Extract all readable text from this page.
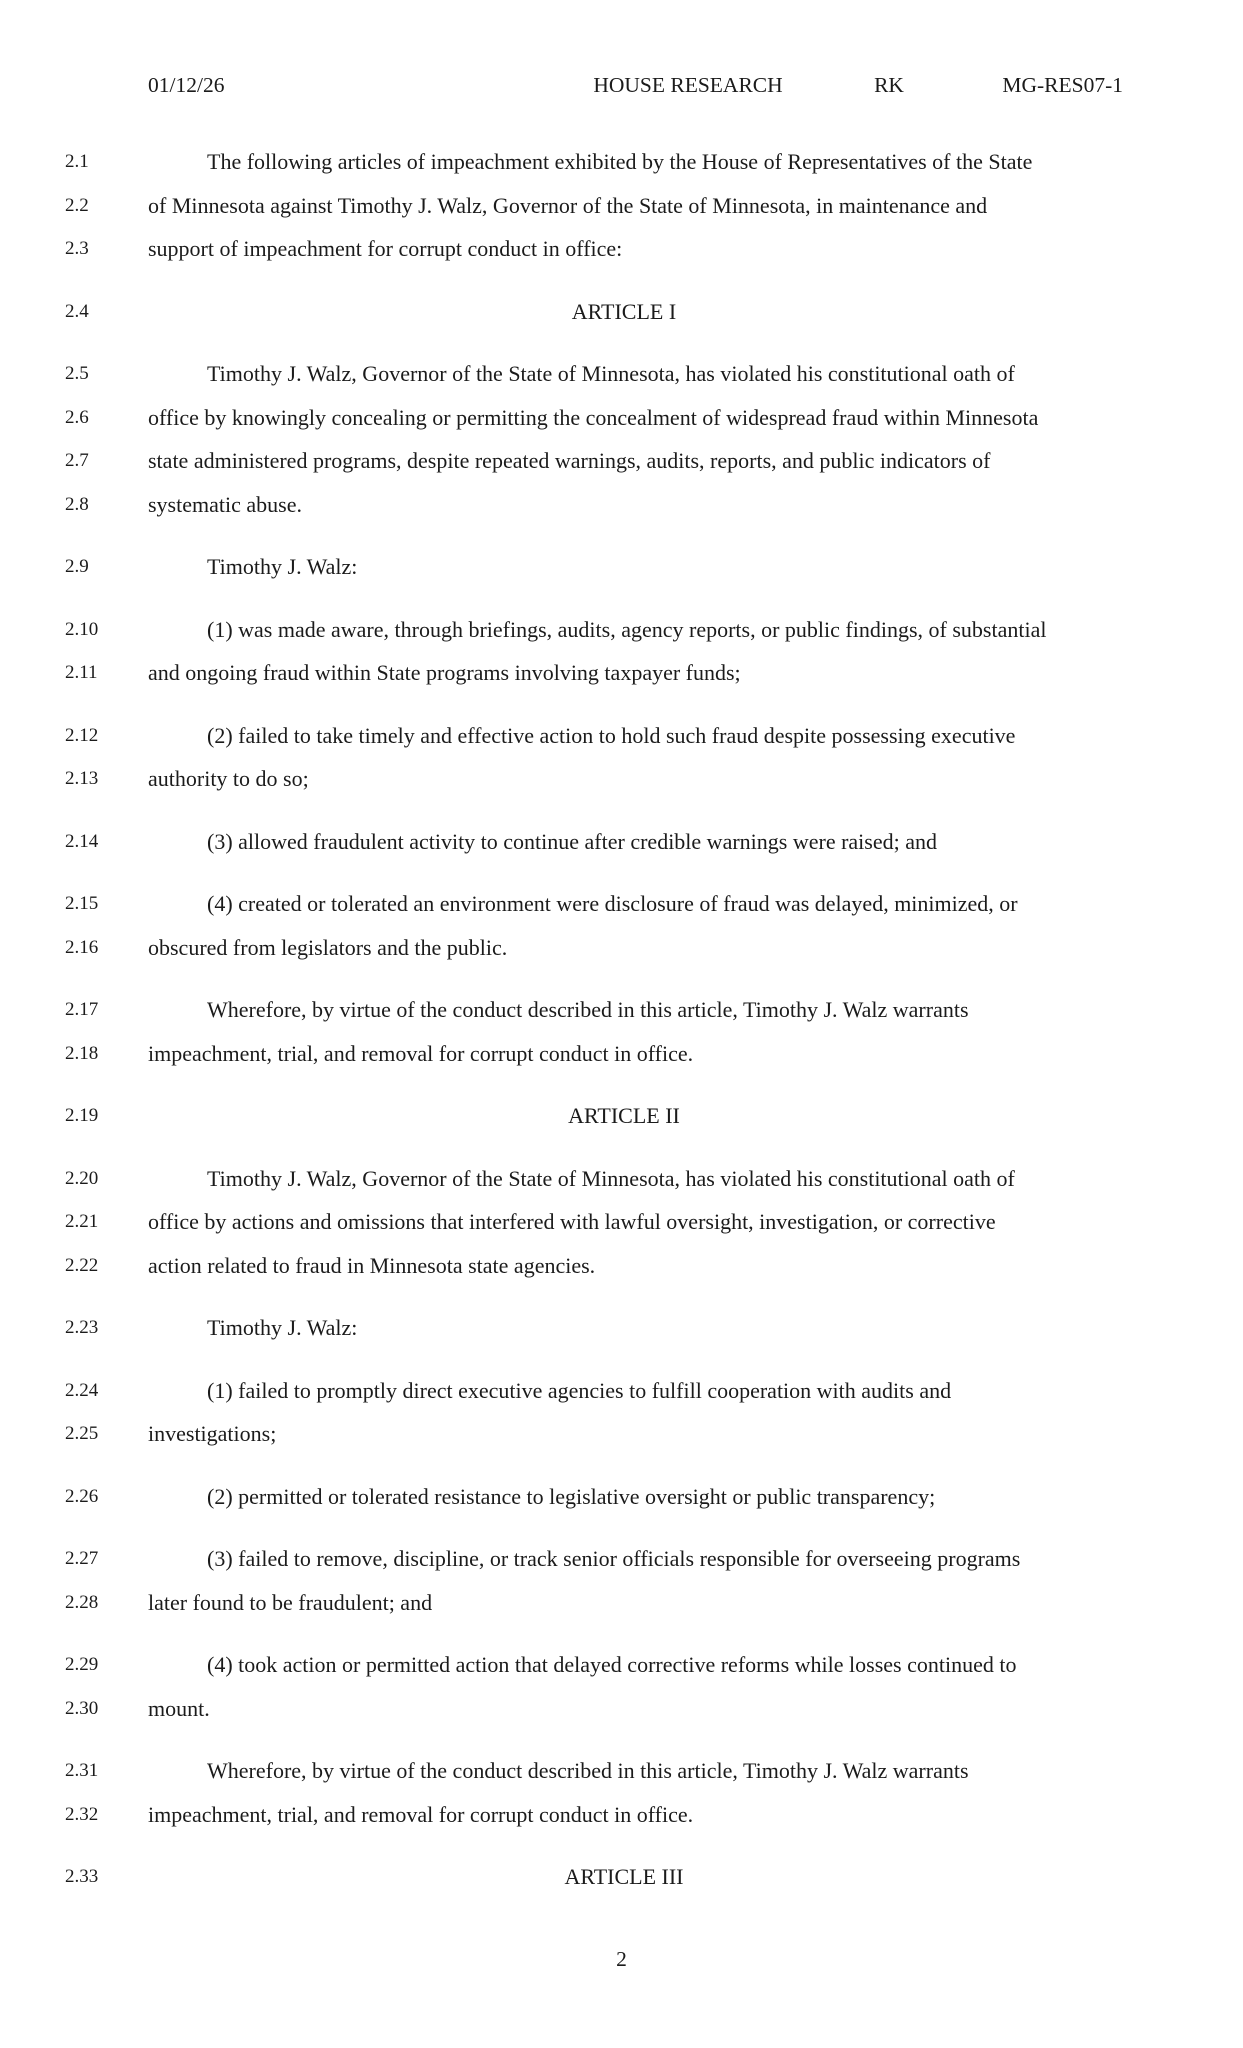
01/12/26	HOUSE RESEARCH	RK	MG-RES07-1
2.1	The following articles of impeachment exhibited by the House of Representatives of the State
2.2	of Minnesota against Timothy J. Walz, Governor of the State of Minnesota, in maintenance and
2.3	support of impeachment for corrupt conduct in office:
2.4	ARTICLE I
2.5	Timothy J. Walz, Governor of the State of Minnesota, has violated his constitutional oath of
2.6	office by knowingly concealing or permitting the concealment of widespread fraud within Minnesota
2.7	state administered programs, despite repeated warnings, audits, reports, and public indicators of
2.8	systematic abuse.
2.9	Timothy J. Walz:
2.10	(1) was made aware, through briefings, audits, agency reports, or public findings, of substantial
2.11	and ongoing fraud within State programs involving taxpayer funds;
2.12	(2) failed to take timely and effective action to hold such fraud despite possessing executive
2.13	authority to do so;
2.14	(3) allowed fraudulent activity to continue after credible warnings were raised; and
2.15	(4) created or tolerated an environment were disclosure of fraud was delayed, minimized, or
2.16	obscured from legislators and the public.
2.17	Wherefore, by virtue of the conduct described in this article, Timothy J. Walz warrants
2.18	impeachment, trial, and removal for corrupt conduct in office.
2.19	ARTICLE II
2.20	Timothy J. Walz, Governor of the State of Minnesota, has violated his constitutional oath of
2.21	office by actions and omissions that interfered with lawful oversight, investigation, or corrective
2.22	action related to fraud in Minnesota state agencies.
2.23	Timothy J. Walz:
2.24	(1) failed to promptly direct executive agencies to fulfill cooperation with audits and
2.25	investigations;
2.26	(2) permitted or tolerated resistance to legislative oversight or public transparency;
2.27	(3) failed to remove, discipline, or track senior officials responsible for overseeing programs
2.28	later found to be fraudulent; and
2.29	(4) took action or permitted action that delayed corrective reforms while losses continued to
2.30	mount.
2.31	Wherefore, by virtue of the conduct described in this article, Timothy J. Walz warrants
2.32	impeachment, trial, and removal for corrupt conduct in office.
2.33	ARTICLE III
2
